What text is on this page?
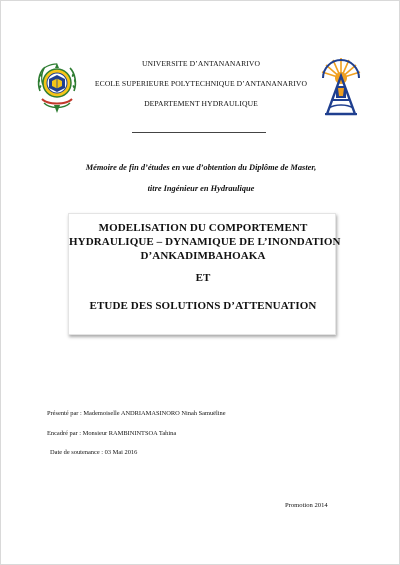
UNIVERSITE D’ANTANANARIVO
ECOLE SUPERIEURE POLYTECHNIQUE D’ANTANANARIVO
DEPARTEMENT HYDRAULIQUE
Mémoire de fin d’études en vue d’obtention du Diplôme de Master,
titre Ingénieur en Hydraulique
MODELISATION DU COMPORTEMENT
HYDRAULIQUE – DYNAMIQUE DE L’INONDATION
D’ANKADIMBAHOAKA
ET
ETUDE DES SOLUTIONS D’ATTENUATION
Présenté par : Mademoiselle ANDRIAMASINORO Ninah Samuëline
Encadré par : Monsieur RAMBININTSOA Tahina
Date de soutenance : 03 Mai 2016
Promotion 2014
